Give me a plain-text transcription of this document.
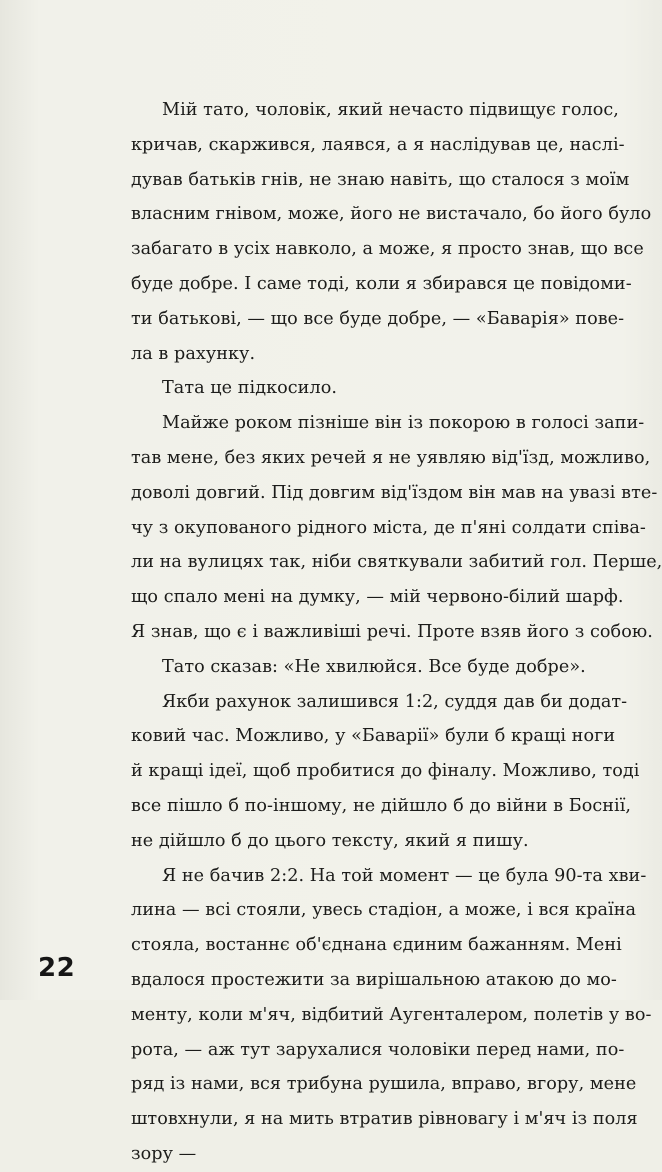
Мій тато, чоловік, який нечасто підвищує голос,
кричав, скаржився, лаявся, а я наслідував це, наслі-
дував батьків гнів, не знаю навіть, що сталося з моїм
власним гнівом, може, його не вистачало, бо його було
забагато в усіх навколо, а може, я просто знав, що все
буде добре. І саме тоді, коли я збирався це повідоми-
ти батькові, — що все буде добре, — «Баварія» пове-
ла в рахунку.
Тата це підкосило.
Майже роком пізніше він із покорою в голосі запи-
тав мене, без яких речей я не уявляю від'їзд, можливо,
доволі довгий. Під довгим від'їздом він мав на увазі вте-
чу з окупованого рідного міста, де п'яні солдати співа-
ли на вулицях так, ніби святкували забитий гол. Перше,
що спало мені на думку, — мій червоно-білий шарф.
Я знав, що є і важливіші речі. Проте взяв його з собою.
Тато сказав: «Не хвилюйся. Все буде добре».
Якби рахунок залишився 1:2, суддя дав би додат-
ковий час. Можливо, у «Баварії» були б кращі ноги
й кращі ідеї, щоб пробитися до фіналу. Можливо, тоді
все пішло б по-іншому, не дійшло б до війни в Боснії,
не дійшло б до цього тексту, який я пишу.
Я не бачив 2:2. На той момент — це була 90-та хви-
лина — всі стояли, увесь стадіон, а може, і вся країна
стояла, востаннє об'єднана єдиним бажанням. Мені
вдалося простежити за вирішальною атакою до мо-
менту, коли м'яч, відбитий Аугенталером, полетів у во-
рота, — аж тут зарухалися чоловіки перед нами, по-
ряд із нами, вся трибуна рушила, вправо, вгору, мене
штовхнули, я на мить втратив рівновагу і м'яч із поля
зору —
22
